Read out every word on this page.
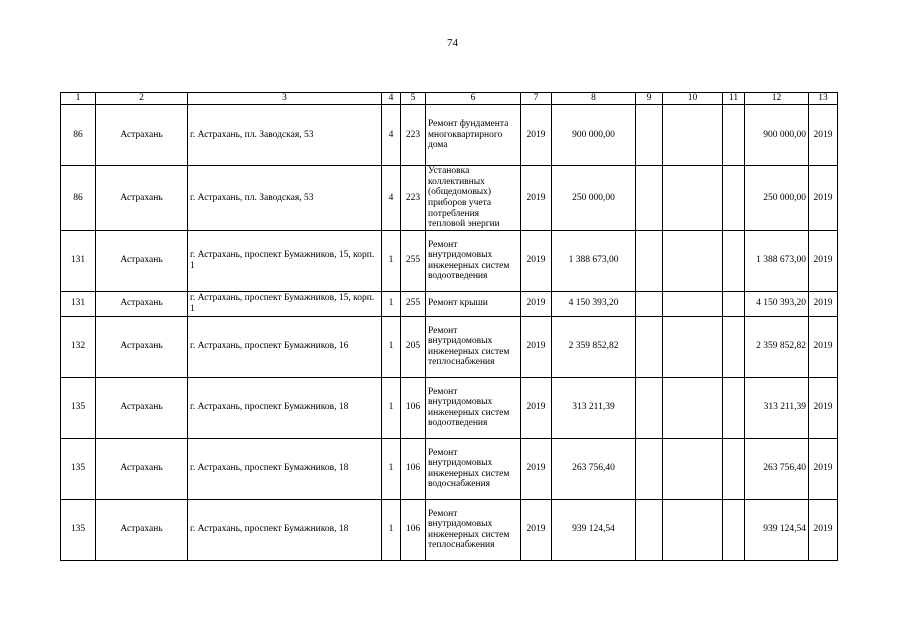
74
1	2	3	4	5	6	7	8	9	10	11	12	13
86	Астрахань	г. Астрахань, пл. Заводская, 53	4	223	Ремонт фундамента многоквартирного дома	2019	900 000,00				900 000,00	2019
86	Астрахань	г. Астрахань, пл. Заводская, 53	4	223	Установка коллективных (общедомовых) приборов учета потребления тепловой энергии	2019	250 000,00				250 000,00	2019
131	Астрахань	г. Астрахань, проспект Бумажников, 15, корп. 1	1	255	Ремонт внутридомовых инженерных систем водоотведения	2019	1 388 673,00				1 388 673,00	2019
131	Астрахань	г. Астрахань, проспект Бумажников, 15, корп. 1	1	255	Ремонт крыши	2019	4 150 393,20				4 150 393,20	2019
132	Астрахань	г. Астрахань, проспект Бумажников, 16	1	205	Ремонт внутридомовых инженерных систем теплоснабжения	2019	2 359 852,82				2 359 852,82	2019
135	Астрахань	г. Астрахань, проспект Бумажников, 18	1	106	Ремонт внутридомовых инженерных систем водоотведения	2019	313 211,39				313 211,39	2019
135	Астрахань	г. Астрахань, проспект Бумажников, 18	1	106	Ремонт внутридомовых инженерных систем водоснабжения	2019	263 756,40				263 756,40	2019
135	Астрахань	г. Астрахань, проспект Бумажников, 18	1	106	Ремонт внутридомовых инженерных систем теплоснабжения	2019	939 124,54				939 124,54	2019
